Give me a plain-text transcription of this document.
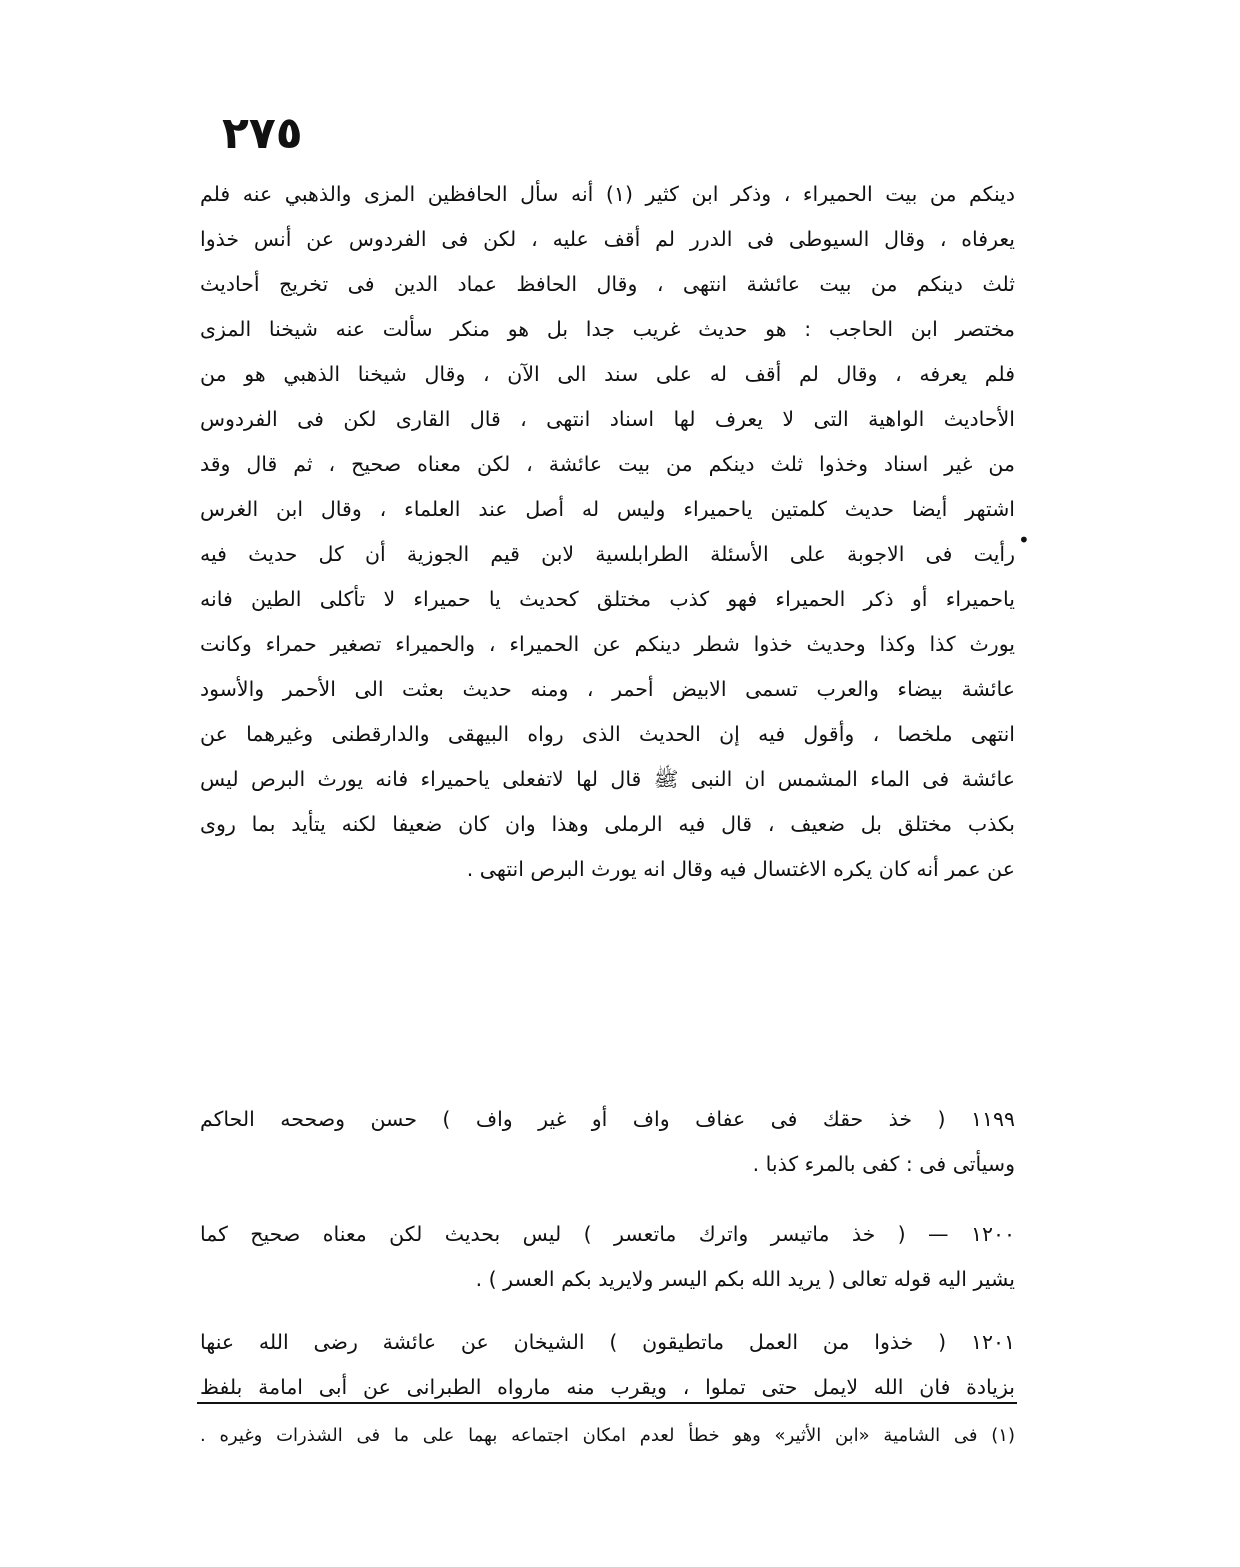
٢٧٥
•
دينكم من بيت الحميراء ، وذكر ابن كثير (١) أنه سأل الحافظين المزى والذهبي عنه فلم
يعرفاه ، وقال السيوطى فى الدرر لم أقف عليه ، لكن فى الفردوس عن أنس خذوا
ثلث دينكم من بيت عائشة انتهى ، وقال الحافظ عماد الدين فى تخريج أحاديث
مختصر ابن الحاجب : هو حديث غريب جدا بل هو منكر سألت عنه شيخنا المزى
فلم يعرفه ، وقال لم أقف له على سند الى الآن ، وقال شيخنا الذهبي هو من
الأحاديث الواهية التى لا يعرف لها اسناد انتهى ، قال القارى لكن فى الفردوس
من غير اسناد وخذوا ثلث دينكم من بيت عائشة ، لكن معناه صحيح ، ثم قال وقد
اشتهر أيضا حديث كلمتين ياحميراء وليس له أصل عند العلماء ، وقال ابن الغرس
رأيت فى الاجوبة على الأسئلة الطرابلسية لابن قيم الجوزية أن كل حديث فيه
ياحميراء أو ذكر الحميراء فهو كذب مختلق كحديث يا حميراء لا تأكلى الطين فانه
يورث كذا وكذا وحديث خذوا شطر دينكم عن الحميراء ، والحميراء تصغير حمراء وكانت
عائشة بيضاء والعرب تسمى الابيض أحمر ، ومنه حديث بعثت الى الأحمر والأسود
انتهى ملخصا ، وأقول فيه إن الحديث الذى رواه البيهقى والدارقطنى وغيرهما عن
عائشة فى الماء المشمس ان النبى ﷺ قال لها لاتفعلى ياحميراء فانه يورث البرص ليس
بكذب مختلق بل ضعيف ، قال فيه الرملى وهذا وان كان ضعيفا لكنه يتأيد بما روى
عن عمر أنه كان يكره الاغتسال فيه وقال انه يورث البرص انتهى .
١١٩٩ ( خذ حقك فى عفاف واف أو غير واف ) حسن وصححه الحاكم
وسيأتى فى : كفى بالمرء كذبا .
١٢٠٠ — ( خذ ماتيسر واترك ماتعسر ) ليس بحديث لكن معناه صحيح كما
يشير اليه قوله تعالى ( يريد الله بكم اليسر ولايريد بكم العسر ) .
١٢٠١ ( خذوا من العمل ماتطيقون ) الشيخان عن عائشة رضى الله عنها
بزيادة فان الله لايمل حتى تملوا ، ويقرب منه مارواه الطبرانى عن أبى امامة بلفظ
(١) فى الشامية «ابن الأثير» وهو خطأ لعدم امكان اجتماعه بهما على ما فى الشذرات وغيره .
